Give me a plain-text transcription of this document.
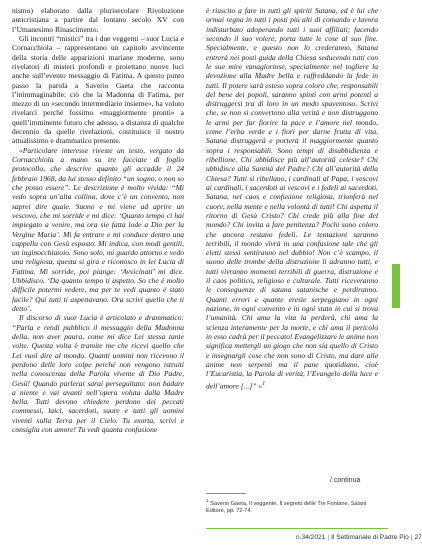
nismo) elaborato dalla plurisecolare Rivoluzione anticristiana a partire dal lontano secolo XV con l’Umanesimo Rinascimento.

Gli incontri “mistici” tra i due veggenti – suor Lucia e Cornacchiola – rappresentano un capitolo avvincente della storia delle apparizioni mariane moderne, sono rivelatori di misteri profondi e proiettano nuove luci anche sull’evento messaggio di Fatima. A questo punto passo la parola a Saverio Gaeta che racconta l’inimmaginabile: ciò che la Madonna di Fatima, per mezzo di un «secondo intermediario insieme», ha voluto rivelarci perché fossimo «maggiormente pronti» a quell’imminente futuro che adesso, a distanza di qualche decennio da quelle rivelazioni, costituisce il nostro attualissimo e drammatico presente.

«Particolare interesse riveste un testo, vergato da Cornacchiola a mano su tre facciate di foglio protocollo, che descrive quanto gli accadde il 24 febbraio 1968, da lui stesso definito “un sogno, o non so che posso essere”. Le descrizione è molto vivida: “Mi vedo sopra un’alta collina, dove c’è un convento, non saprei dire quale. Suono e mi viene ad aprire un vescovo, che mi sorride e mi dice: ‘Quanto tempo ci hai impiegato a venire, ma ora sie fatta lode a Dio per la Vergine Maria’. Mi fa entrare e mi conduce dentro una cappella con Gesù esposto. Mi indica, con modi gentili, un inginocchiatoio. Sono solo, mi guardo attorno e vedo una religiosa, questa si gira e riconosco in lei Lucia di Fatima. Mi sorride, poi piange: ‘Avvicinati’ mi dice. Ubbidisco. ‘Da quanto tempo ti aspetto. So che è molto difficile potermi vedere, ma per te vedi quanto è stato facile? Qui tutti ti aspettavano. Ora scrivi quello che ti detto’.

Il discorso di suor Lucia è articolato e drammatico: “Parla e rendi pubblico il messaggio della Madonna della, non aver paura, come mi dice Lei stessa tante volte. Questa volta è tramite me che ricevi quello che Lei vuol dire al mondo. Quanti uomini non ricevono il perdono delle loro colpe perché non vengono istruiti nella conoscenza della Parola vivente di Dio Padre, Gesù! Quando parlerai sarai perseguitato: non badare a niente e vai avanti nell’opera voluta dalla Madre bella. Tutti devono chiedere perdono dei peccati commessi, laici, sacerdoti, suore e tutti gli uomini viventi sulla Terra per il Cielo. Tu esorta, scrivi e consiglia con amore! Tu vedi quanta confusione

è riuscito a fare in tutti gli spiriti Satana, ed è lui che ormai regna in tutti i posti più alti di comando e lavora indisturbato adoperando tutti i suoi affiliati; facendo secondo il suo volere, porta tutte le cose al suo fine. Specialmente, e questo non lo crederanno, Satana entrerà nei posti guida della Chiesa seducendo tutti con le sue mire vanagloriose, specialmente nel togliere la devozione alla Madre bella e raffreddando la fede in tutti. Il potere sarà esteso sopra coloro che, responsabili del bene dei popoli, saranno spinti con armi potenti a distruggersi tra di loro in un modo spaventoso. Scrivi che, se non si convertono alla verità e non distruggono le armi per far fiorire la pace e l’amore nel mondo, come l’erba verde e i fiori per darne frutta di vita, Satana distruggerà e porterà il maggiormente quanto sopra i responsabili. Sono tempi di disubbidienza e ribellione. Chi ubbidisce più all’autorità celeste? Chi ubbidisce alla Santità del Padre? Chi all’autorità della Chiesa? Tutti si ribellano, i cardinali al Papa, i vescovi ai cardinali, i sacerdoti ai vescovi e i fedeli ai sacerdoti. Satana, nel caos e confusione religiosa, trionferà nel cuore, nella mente e nella volontà di tutti! Chi aspetta il ritorno di Gesù Cristo? Chi crede più alla fine del mondo? Chi invita a fare penitenza? Pochi sono coloro che ancora restano fedeli. Le tentazioni saranno terribili, il mondo vivrà in una confusione tale che gli eletti stessi sentiranno nel dubbio! Non c’è scampo, il suono delle trombe della distruzione li adranno tutti, e tutti vivranno momenti terribili di guerra, distruzione e il caos politico, religioso e culturale. Tutti riceveranno le conseguenze di satana satanische e perdiranno. Quanti errori e quante eresie serpeggiano in ogni nazione, in ogni convento e in ogni stato in cui si trova l’umanità. Chi ama la vita la perderà, chi ama la scienza interamente per la morte, e chi ama il pericolo in esso cadrà per il peccato! Evangelizzare le anime non significa mettergli un giogo che non sia quello di Cristo e insegnargli cose che non sono di Cristo, ma dare alle anime non serpenti ma il pane quotidiano, cioè l’Eucaristia, la Parola di verità, l’Evangelo della luce e dell’amore [...]” »$^1$

/ continua
$^1$ Saverio Gaeta, Il veggente. Il segreto delle Tre Fontane, Salani Editore, pp. 72-74.
n.34/2021 | Il Settimanale di Padre Pio | 27
